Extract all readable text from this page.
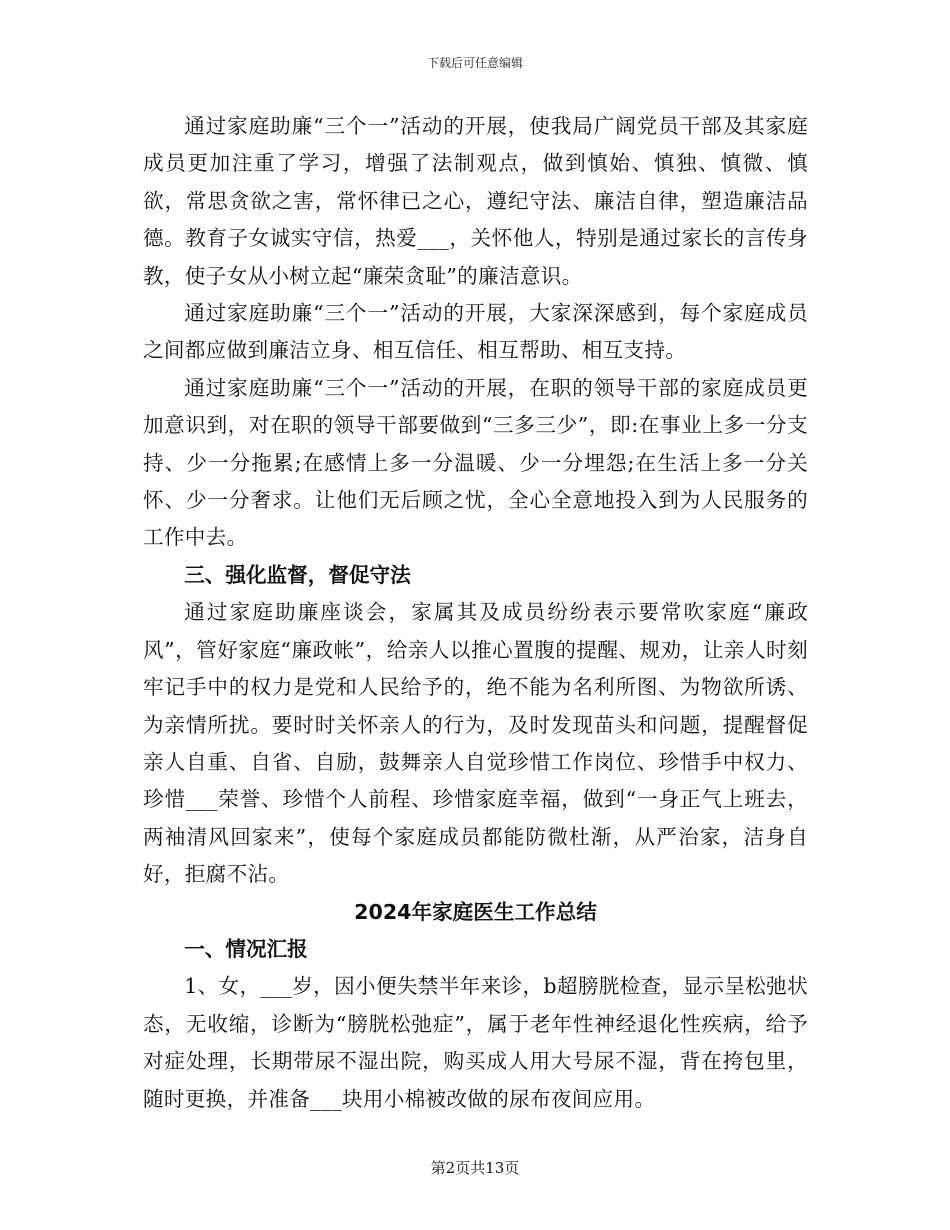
下载后可任意编辑

通过家庭助廉“三个一”活动的开展，使我局广阔党员干部及其家庭成员更加注重了学习，增强了法制观点，做到慎始、慎独、慎微、慎欲，常思贪欲之害，常怀律已之心，遵纪守法、廉洁自律，塑造廉洁品德。教育子女诚实守信，热爱___，关怀他人，特别是通过家长的言传身教，使子女从小树立起“廉荣贪耻”的廉洁意识。

通过家庭助廉“三个一”活动的开展，大家深深感到，每个家庭成员之间都应做到廉洁立身、相互信任、相互帮助、相互支持。

通过家庭助廉“三个一”活动的开展，在职的领导干部的家庭成员更加意识到，对在职的领导干部要做到“三多三少”，即:在事业上多一分支持、少一分拖累;在感情上多一分温暖、少一分埋怨;在生活上多一分关怀、少一分奢求。让他们无后顾之忧，全心全意地投入到为人民服务的工作中去。

三、强化监督，督促守法

通过家庭助廉座谈会，家属其及成员纷纷表示要常吹家庭“廉政风”，管好家庭“廉政帐”，给亲人以推心置腹的提醒、规劝，让亲人时刻牢记手中的权力是党和人民给予的，绝不能为名利所图、为物欲所诱、为亲情所扰。要时时关怀亲人的行为，及时发现苗头和问题，提醒督促亲人自重、自省、自励，鼓舞亲人自觉珍惜工作岗位、珍惜手中权力、珍惜___荣誉、珍惜个人前程、珍惜家庭幸福，做到“一身正气上班去，两袖清风回家来”，使每个家庭成员都能防微杜渐，从严治家，洁身自好，拒腐不沾。

2024年家庭医生工作总结

一、情况汇报

1、女，___岁，因小便失禁半年来诊，b超膀胱检查，显示呈松弛状态，无收缩，诊断为“膀胱松弛症”，属于老年性神经退化性疾病，给予对症处理，长期带尿不湿出院，购买成人用大号尿不湿，背在挎包里，随时更换，并准备___块用小棉被改做的尿布夜间应用。

第2页共13页
